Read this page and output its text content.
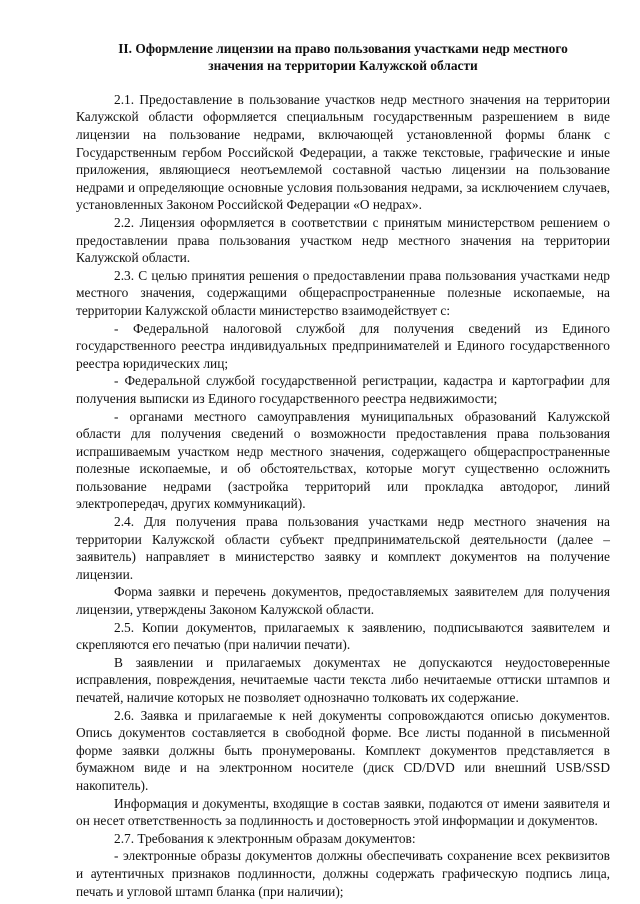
II. Оформление лицензии на право пользования участками недр местного
значения на территории Калужской области

2.1. Предоставление в пользование участков недр местного значения на территории Калужской области оформляется специальным государственным разрешением в виде лицензии на пользование недрами, включающей установленной формы бланк с Государственным гербом Российской Федерации, а также текстовые, графические и иные приложения, являющиеся неотъемлемой составной частью лицензии на пользование недрами и определяющие основные условия пользования недрами, за исключением случаев, установленных Законом Российской Федерации «О недрах».

2.2. Лицензия оформляется в соответствии с принятым министерством решением о предоставлении права пользования участком недр местного значения на территории Калужской области.

2.3. С целью принятия решения о предоставлении права пользования участками недр местного значения, содержащими общераспространенные полезные ископаемые, на территории Калужской области министерство взаимодействует с:

- Федеральной налоговой службой для получения сведений из Единого государственного реестра индивидуальных предпринимателей и Единого государственного реестра юридических лиц;

- Федеральной службой государственной регистрации, кадастра и картографии для получения выписки из Единого государственного реестра недвижимости;

- органами местного самоуправления муниципальных образований Калужской области для получения сведений о возможности предоставления права пользования испрашиваемым участком недр местного значения, содержащего общераспространенные полезные ископаемые, и об обстоятельствах, которые могут существенно осложнить пользование недрами (застройка территорий или прокладка автодорог, линий электропередач, других коммуникаций).

2.4. Для получения права пользования участками недр местного значения на территории Калужской области субъект предпринимательской деятельности (далее – заявитель) направляет в министерство заявку и комплект документов на получение лицензии.

Форма заявки и перечень документов, предоставляемых заявителем для получения лицензии, утверждены Законом Калужской области.

2.5. Копии документов, прилагаемых к заявлению, подписываются заявителем и скрепляются его печатью (при наличии печати).

В заявлении и прилагаемых документах не допускаются неудостоверенные исправления, повреждения, нечитаемые части текста либо нечитаемые оттиски штампов и печатей, наличие которых не позволяет однозначно толковать их содержание.

2.6. Заявка и прилагаемые к ней документы сопровождаются описью документов. Опись документов составляется в свободной форме. Все листы поданной в письменной форме заявки должны быть пронумерованы. Комплект документов представляется в бумажном виде и на электронном носителе (диск CD/DVD или внешний USB/SSD накопитель).

Информация и документы, входящие в состав заявки, подаются от имени заявителя и он несет ответственность за подлинность и достоверность этой информации и документов.

2.7. Требования к электронным образам документов:

- электронные образы документов должны обеспечивать сохранение всех реквизитов и аутентичных признаков подлинности, должны содержать графическую подпись лица, печать и угловой штамп бланка (при наличии);
